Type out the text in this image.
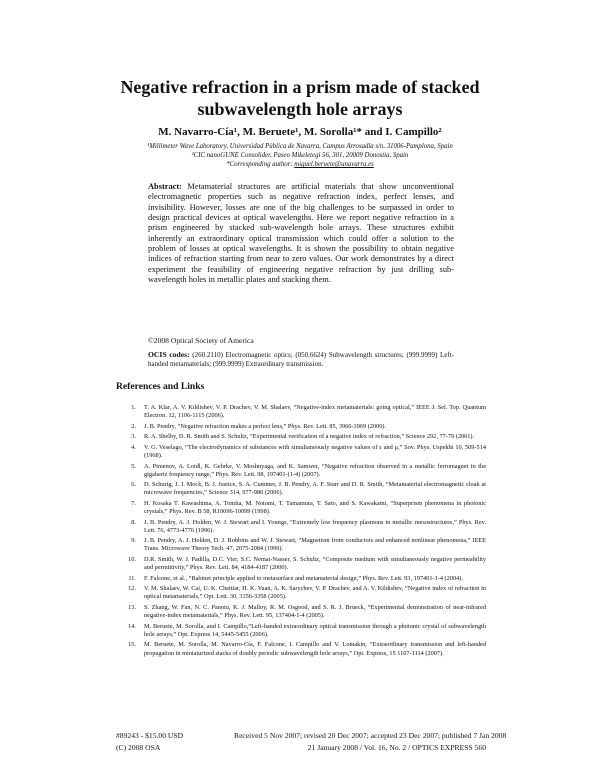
Negative refraction in a prism made of stacked
subwavelength hole arrays
M. Navarro-Cía¹, M. Beruete¹, M. Sorolla¹* and I. Campillo²
¹Millimeter Wave Laboratory, Universidad Pública de Navarra, Campus Arrosadía s/n, 31006-Pamplona, Spain
²CIC nanoGUNE Consolider, Paseo Mikeletegi 56, 301, 20009 Donostia, Spain
*Corresponding author: miguel.beruete@unavarra.es
Abstract: Metamaterial structures are artificial materials that show unconventional electromagnetic properties such as negative refraction index, perfect lenses, and invisibility. However, losses are one of the big challenges to be surpassed in order to design practical devices at optical wavelengths. Here we report negative refraction in a prism engineered by stacked sub-wavelength hole arrays. These structures exhibit inherently an extraordinary optical transmission which could offer a solution to the problem of losses at optical wavelengths. It is shown the possibility to obtain negative indices of refraction starting from near to zero values. Our work demonstrates by a direct experiment the feasibility of engineering negative refraction by just drilling sub-wavelength holes in metallic plates and stacking them.
©2008 Optical Society of America
OCIS codes: (260.2110) Electromagnetic optics; (050.6624) Subwavelength structures; (999.9999) Left-handed metamaterials; (999.9999) Extraordinary transmission.
References and Links
1. T. A. Klar, A. V. Kildishev, V. P. Drachev, V. M. Shalaev, “Negative-index metamaterials: going optical,” IEEE J. Sel. Top. Quantum Electron. 12, 1106-1115 (2006).
2. J. B. Pendry, “Negative refraction makes a perfect lens,” Phys. Rev. Lett. 85, 3966-3969 (2000).
3. R. A. Shelby, D. R. Smith and S. Schultz, “Experimental verification of a negative index of refraction,” Science 292, 77-79 (2001).
4. V. G. Veselago, “The electrodynamics of substances with simultaneously negative values of ε and μ,” Sov. Phys. Uspekhi 10, 509-514 (1968).
5. A. Pimenov, A. Loidl, K. Gehrke, V. Moshnyaga, and K. Samwer, “Negative refraction observed in a metallic ferromagnet in the gigahertz frequency range,” Phys. Rev. Lett. 98, 197401-(1-4) (2007).
6. D. Schurig, J. J. Mock, B. J. Justice, S. A. Cummer, J. B. Pendry, A. F. Starr and D. R. Smith, “Metamaterial electromagnetic cloak at microwave frequencies,” Science 314, 977-980 (2006).
7. H. Kosaka T. Kawashima, A. Tomita, M. Notomi, T. Tamamura, T. Sato, and S. Kawakami, “Superprism phenomena in photonic crystals,” Phys. Rev. B 58, R10096-10099 (1998).
8. J. B. Pendry, A. J. Holden, W. J. Stewart and I. Youngs, “Extremely low frequency plasmons in metallic mesostructures,” Phys. Rev. Lett. 76, 4773-4776 (1996).
9. J. B. Pendry, A. J. Holden, D. J. Robbins and W. J. Stewart, “Magnetism from conductors and enhanced nonlinear phenomena,” IEEE Trans. Microwave Theory Tech. 47, 2075-2084 (1999).
10. D.R. Smith, W. J. Padilla, D.C. Vier, S.C. Nemat-Nasser, S. Schultz, “Composite medium with simultaneously negative permeability and permittivity,” Phys. Rev. Lett. 84, 4184-4187 (2000).
11. F. Falcone, et al., “Babinet principle applied to metasurface and metamaterial design,” Phys. Rev. Lett. 93, 197401-1-4 (2004).
12. V. M. Shalaev, W. Cai, U. K. Chettiar, H. K. Yuan, A. K. Sarychev, V. P. Drachev, and A. V. Kildishev, “Negative index of refraction in optical metamaterials,” Opt. Lett. 30, 3356-3358 (2005).
13. S. Zhang, W. Fan, N. C. Panoiu, K. J. Malloy, R. M. Osgood, and S. R. J. Brueck, “Experimental demonstration of near-infrared negative-index metamaterials,” Phys. Rev. Lett. 95, 137404-1-4 (2005).
14. M. Beruete, M. Sorolla, and I. Campillo,“Left-handed extraordinary optical transmission through a photonic crystal of subwavelength hole arrays,” Opt. Express 14, 5445-5455 (2006).
15. M. Beruete, M. Sorolla, M. Navarro-Cía, F. Falcone, I. Campillo and V. Lomakin, “Extraordinary transmission and left-handed propagation in miniaturized stacks of doubly periodic subwavelength hole arrays,” Opt. Express, 15 1107-1114 (2007).
#89243 - $15.00 USD	Received 5 Nov 2007; revised 20 Dec 2007; accepted 23 Dec 2007; published 7 Jan 2008
(C) 2008 OSA	21 January 2008 / Vol. 16, No. 2 / OPTICS EXPRESS 560
